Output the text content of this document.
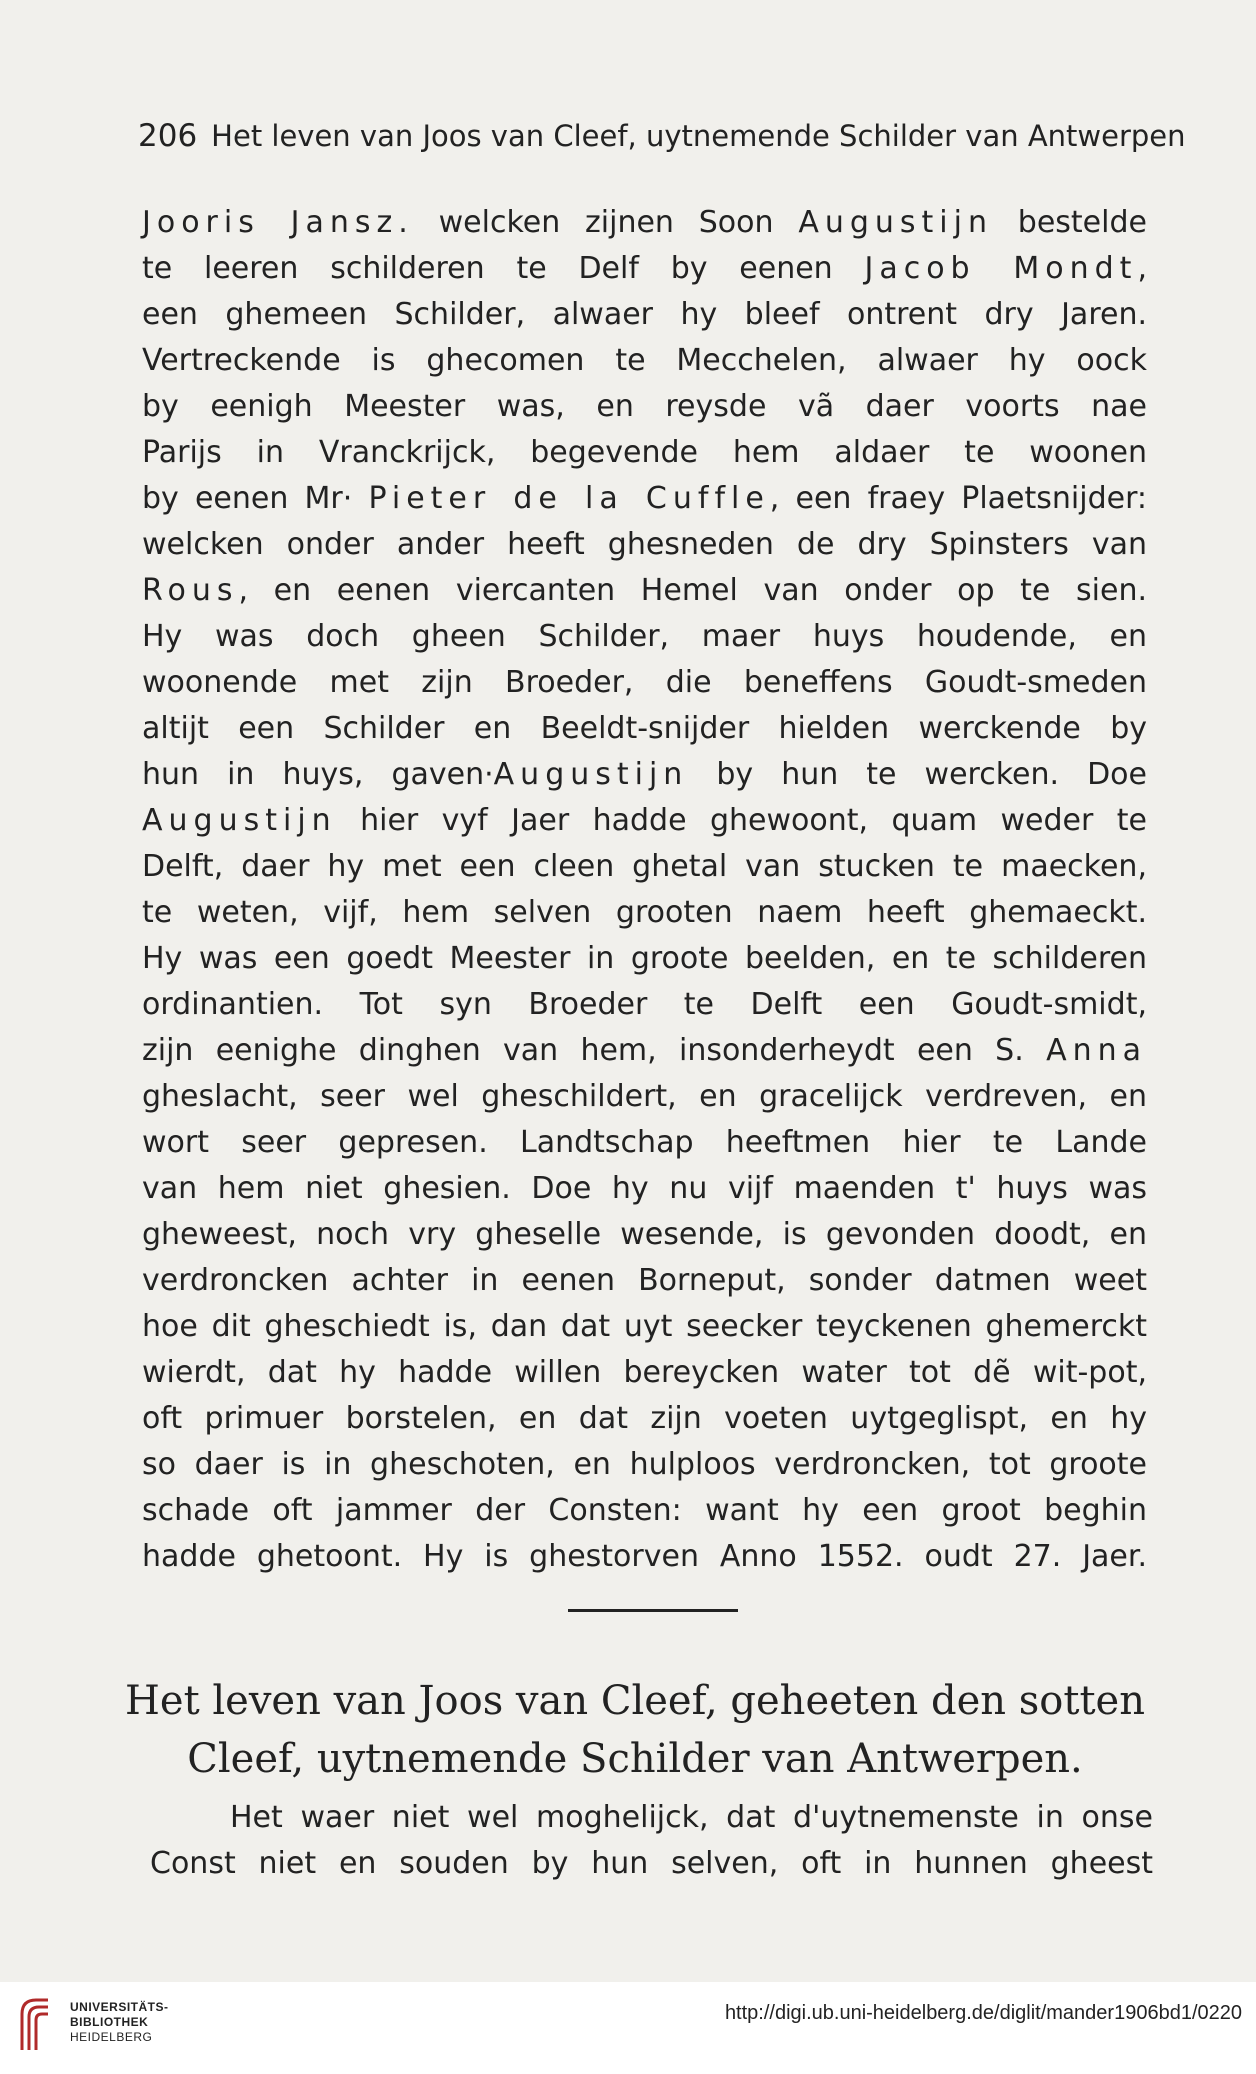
206 Het leven van Joos van Cleef, uytnemende Schilder van Antwerpen
Jooris Jansz. welcken zijnen Soon Augustijn bestelde
te leeren schilderen te Delf by eenen Jacob Mondt,
een ghemeen Schilder, alwaer hy bleef ontrent dry Jaren.
Vertreckende is ghecomen te Mecchelen, alwaer hy oock
by eenigh Meester was, en reysde vã daer voorts nae
Parijs in Vranckrijck, begevende hem aldaer te woonen
by eenen Mr· Pieter de la Cuffle, een fraey Plaetsnijder:
welcken onder ander heeft ghesneden de dry Spinsters van
Rous, en eenen viercanten Hemel van onder op te sien.
Hy was doch gheen Schilder, maer huys houdende, en
woonende met zijn Broeder, die beneffens Goudt-smeden
altijt een Schilder en Beeldt-snijder hielden werckende by
hun in huys, gaven·Augustijn by hun te wercken. Doe
Augustijn hier vyf Jaer hadde ghewoont, quam weder te
Delft, daer hy met een cleen ghetal van stucken te maecken,
te weten, vijf, hem selven grooten naem heeft ghemaeckt.
Hy was een goedt Meester in groote beelden, en te schilderen
ordinantien. Tot syn Broeder te Delft een Goudt-smidt,
zijn eenighe dinghen van hem, insonderheydt een S. Anna
gheslacht, seer wel gheschildert, en gracelijck verdreven, en
wort seer gepresen. Landtschap heeftmen hier te Lande
van hem niet ghesien. Doe hy nu vijf maenden t' huys was
gheweest, noch vry gheselle wesende, is gevonden doodt, en
verdroncken achter in eenen Borneput, sonder datmen weet
hoe dit gheschiedt is, dan dat uyt seecker teyckenen ghemerckt
wierdt, dat hy hadde willen bereycken water tot dẽ wit-pot,
oft primuer borstelen, en dat zijn voeten uytgeglispt, en hy
so daer is in gheschoten, en hulploos verdroncken, tot groote
schade oft jammer der Consten: want hy een groot beghin
hadde ghetoont. Hy is ghestorven Anno 1552. oudt 27. Jaer.
Het leven van Joos van Cleef, geheeten den sotten
Cleef, uytnemende Schilder van Antwerpen.
Het waer niet wel moghelijck, dat d'uytnemenste in onse
Const niet en souden by hun selven, oft in hunnen gheest
UNIVERSITÄTS-
BIBLIOTHEK
HEIDELBERG
http://digi.ub.uni-heidelberg.de/diglit/mander1906bd1/0220
